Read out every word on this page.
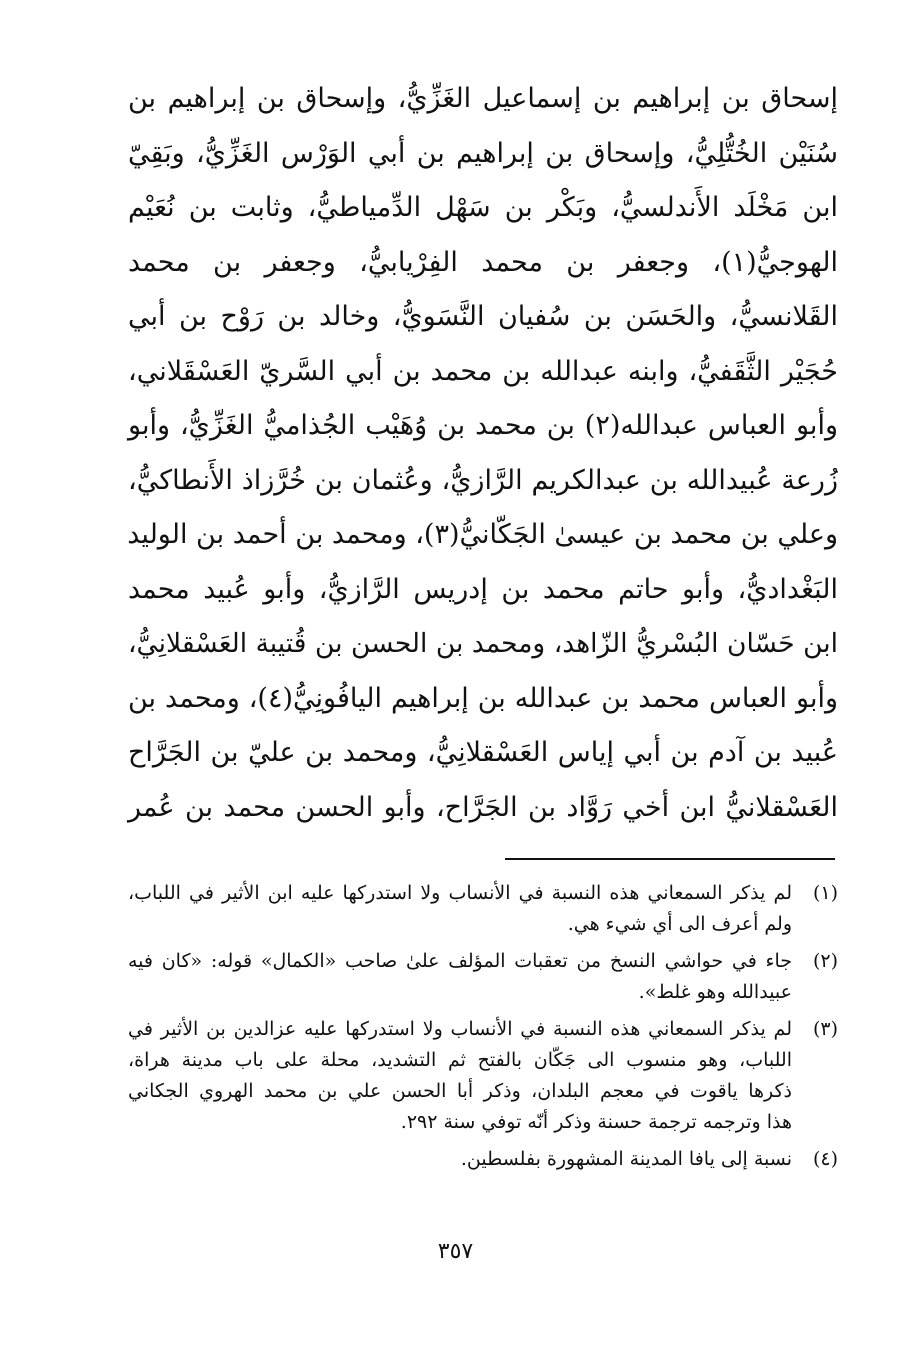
إسحاق بن إبراهيم بن إسماعيل الغَزِّيُّ، وإسحاق بن إبراهيم بن
سُنَيْن الخُتُّلِيُّ، وإسحاق بن إبراهيم بن أبي الوَرْس الغَزِّيُّ، وبَقِيّ
ابن مَخْلَد الأَندلسيُّ، وبَكْر بن سَهْل الدِّمياطيُّ، وثابت بن نُعَيْم
الهوجيُّ(١)، وجعفر بن محمد الفِرْيابيُّ، وجعفر بن محمد
القَلانسيُّ، والحَسَن بن سُفيان النَّسَويُّ، وخالد بن رَوْح بن أبي
حُجَيْر الثَّقَفيُّ، وابنه عبدالله بن محمد بن أبي السَّريّ العَسْقَلاني،
وأبو العباس عبدالله(٢) بن محمد بن وُهَيْب الجُذاميُّ الغَزِّيُّ، وأبو
زُرعة عُبيدالله بن عبدالكريم الرَّازيُّ، وعُثمان بن خُرَّزاذ الأَنطاكيُّ،
وعلي بن محمد بن عيسىٰ الجَكّانيُّ(٣)، ومحمد بن أحمد بن الوليد
البَغْداديُّ، وأبو حاتم محمد بن إدريس الرَّازيُّ، وأبو عُبيد محمد
ابن حَسّان البُسْريُّ الزّاهد، ومحمد بن الحسن بن قُتيبة العَسْقلانِيُّ،
وأبو العباس محمد بن عبدالله بن إبراهيم اليافُونِيُّ(٤)، ومحمد بن
عُبيد بن آدم بن أبي إياس العَسْقلانِيُّ، ومحمد بن عليّ بن الجَرَّاح
العَسْقلانيُّ ابن أخي رَوَّاد بن الجَرَّاح، وأبو الحسن محمد بن عُمر
(١)
لم يذكر السمعاني هذه النسبة في الأنساب ولا استدركها عليه ابن الأثير في اللباب،
ولم أعرف الى أي شيء هي.
(٢)
جاء في حواشي النسخ من تعقبات المؤلف علىٰ صاحب «الكمال» قوله: «كان فيه
عبيدالله وهو غلط».
(٣)
لم يذكر السمعاني هذه النسبة في الأنساب ولا استدركها عليه عزالدين بن الأثير في
اللباب، وهو منسوب الى جَكّان بالفتح ثم التشديد، محلة على باب مدينة هراة،
ذكرها ياقوت في معجم البلدان، وذكر أبا الحسن علي بن محمد الهروي الجكاني
هذا وترجمه ترجمة حسنة وذكر أنّه توفي سنة ٢٩٢.
(٤)
نسبة إلى يافا المدينة المشهورة بفلسطين.
٣٥٧
